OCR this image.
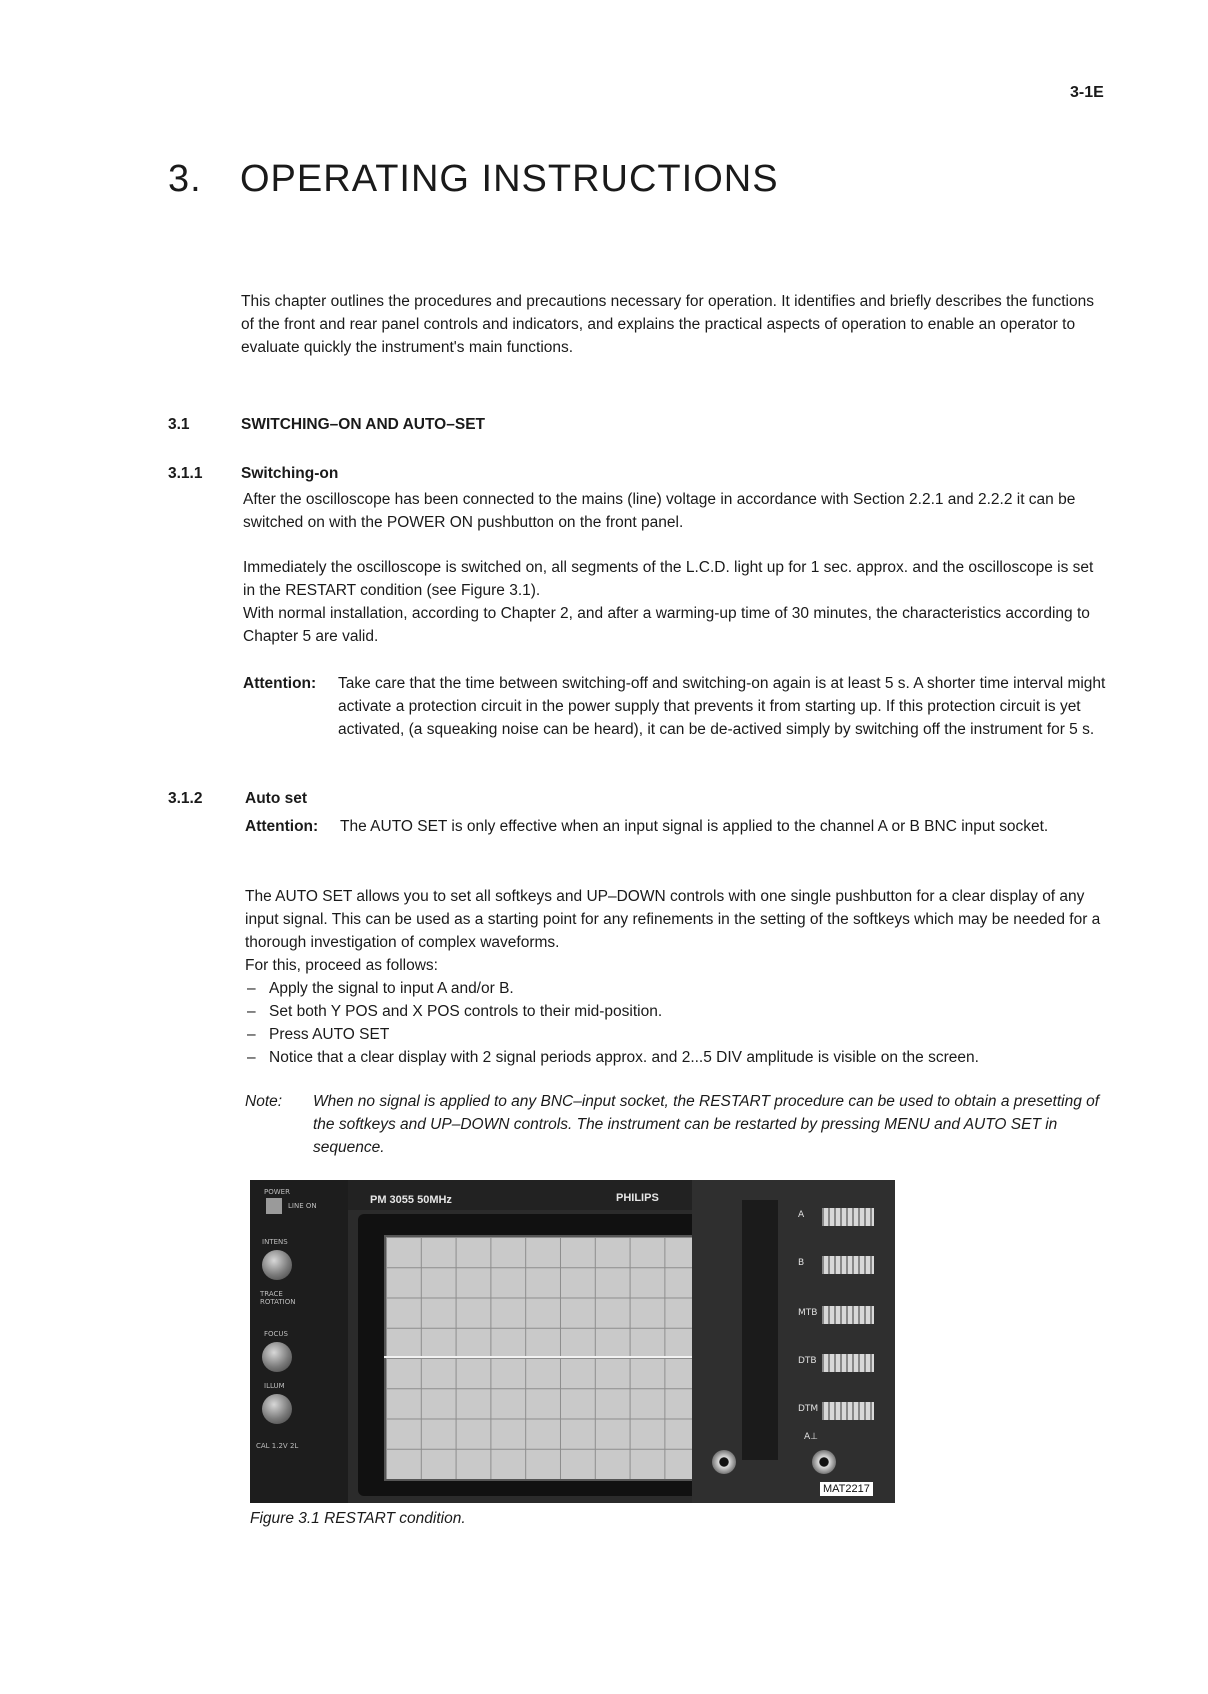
3-1E
3. OPERATING INSTRUCTIONS
This chapter outlines the procedures and precautions necessary for operation. It identifies and briefly describes the functions of the front and rear panel controls and indicators, and explains the practical aspects of operation to enable an operator to evaluate quickly the instrument's main functions.
3.1	SWITCHING–ON AND AUTO–SET
3.1.1 Switching-on
After the oscilloscope has been connected to the mains (line) voltage in accordance with Section 2.2.1 and 2.2.2 it can be switched on with the POWER ON pushbutton on the front panel.
Immediately the oscilloscope is switched on, all segments of the L.C.D. light up for 1 sec. approx. and the oscilloscope is set in the RESTART condition (see Figure 3.1).
With normal installation, according to Chapter 2, and after a warming-up time of 30 minutes, the characteristics according to Chapter 5 are valid.
Attention:	Take care that the time between switching-off and switching-on again is at least 5 s. A shorter time interval might activate a protection circuit in the power supply that prevents it from starting up. If this protection circuit is yet activated, (a squeaking noise can be heard), it can be de-actived simply by switching off the instrument for 5 s.
3.1.2	Auto set
Attention:	The AUTO SET is only effective when an input signal is applied to the channel A or B BNC input socket.
The AUTO SET allows you to set all softkeys and UP–DOWN controls with one single pushbutton for a clear display of any input signal. This can be used as a starting point for any refinements in the setting of the softkeys which may be needed for a thorough investigation of complex waveforms.
For this, proceed as follows:
– Apply the signal to input A and/or B.
– Set both Y POS and X POS controls to their mid-position.
– Press AUTO SET
– Notice that a clear display with 2 signal periods approx. and 2...5 DIV amplitude is visible on the screen.
Note:	When no signal is applied to any BNC–input socket, the RESTART procedure can be used to obtain a presetting of the softkeys and UP–DOWN controls. The instrument can be restarted by pressing MENU and AUTO SET in sequence.
POWER
LINE ON
INTENS
TRACE ROTATION
FOCUS
ILLUM
CAL 1.2V 2L
PM 3055 50MHz	PHILIPS
A
B
MTB
DTB
DTM
A⊥
MAT2217
Figure 3.1 RESTART condition.
